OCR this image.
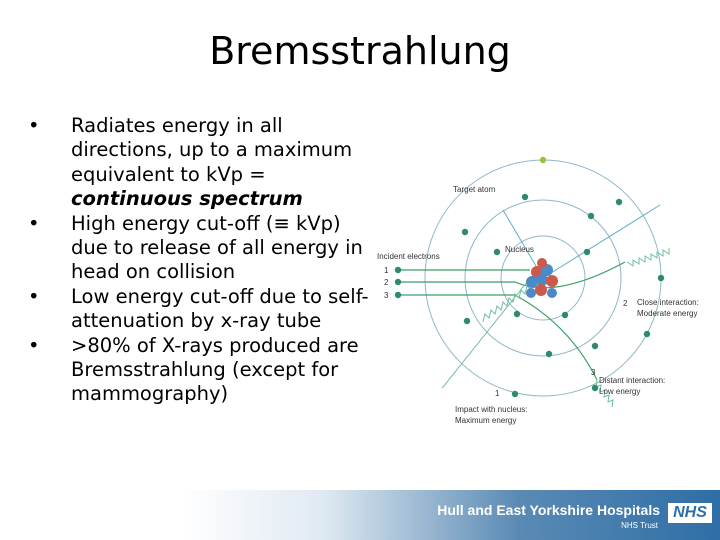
Bremsstrahlung
•	Radiates energy in all directions, up to a maximum equivalent to kVp = continuous spectrum
•	High energy cut-off (≡ kVp) due to release of all energy in head on collision
•	Low energy cut-off due to self-attenuation by x-ray tube
•	>80% of X-rays produced are Bremsstrahlung (except for mammography)
Target atom
Nucleus
Incident electrons
1
2
3
2 Close interaction:
Moderate energy
3
Distant interaction:
Low energy
1
Impact with nucleus:
Maximum energy
Hull and East Yorkshire Hospitals
NHS Trust
NHS
